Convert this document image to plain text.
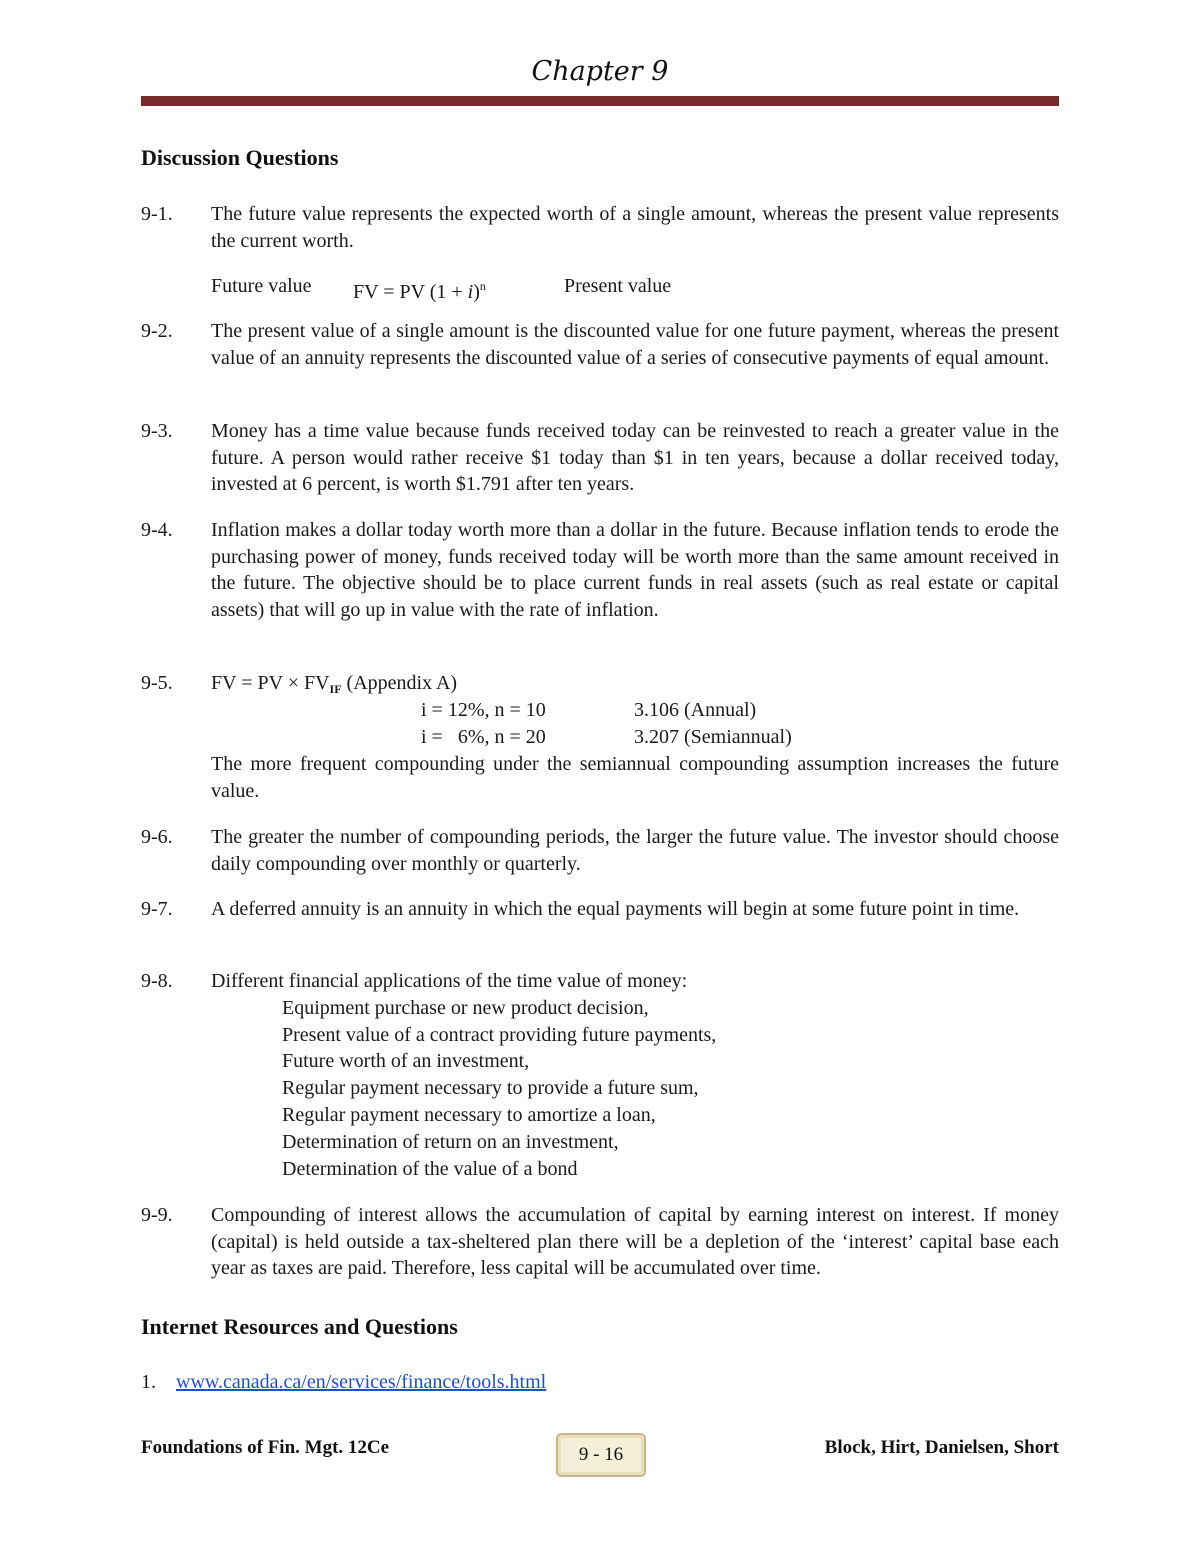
Chapter 9
Discussion Questions
9-1. The future value represents the expected worth of a single amount, whereas the present value represents the current worth.
Future value FV = PV $(1 + i)^n$	Present value
9-2. The present value of a single amount is the discounted value for one future payment, whereas the present value of an annuity represents the discounted value of a series of consecutive payments of equal amount.
9-3. Money has a time value because funds received today can be reinvested to reach a greater value in the future. A person would rather receive $1 today than $1 in ten years, because a dollar received today, invested at 6 percent, is worth $1.791 after ten years.
9-4. Inflation makes a dollar today worth more than a dollar in the future. Because inflation tends to erode the purchasing power of money, funds received today will be worth more than the same amount received in the future. The objective should be to place current funds in real assets (such as real estate or capital assets) that will go up in value with the rate of inflation.
9-5. FV = PV × $FV_{IF}$ (Appendix A)
i = 12%, n = 10	3.106 (Annual)
i =   6%, n = 20	3.207 (Semiannual)
The more frequent compounding under the semiannual compounding assumption increases the future value.
9-6. The greater the number of compounding periods, the larger the future value. The investor should choose daily compounding over monthly or quarterly.
9-7. A deferred annuity is an annuity in which the equal payments will begin at some future point in time.
9-8. Different financial applications of the time value of money:
Equipment purchase or new product decision,
Present value of a contract providing future payments,
Future worth of an investment,
Regular payment necessary to provide a future sum,
Regular payment necessary to amortize a loan,
Determination of return on an investment,
Determination of the value of a bond
9-9. Compounding of interest allows the accumulation of capital by earning interest on interest. If money (capital) is held outside a tax-sheltered plan there will be a depletion of the ‘interest’ capital base each year as taxes are paid. Therefore, less capital will be accumulated over time.
Internet Resources and Questions
1. www.canada.ca/en/services/finance/tools.html
Foundations of Fin. Mgt. 12Ce	9 - 16	Block, Hirt, Danielsen, Short
